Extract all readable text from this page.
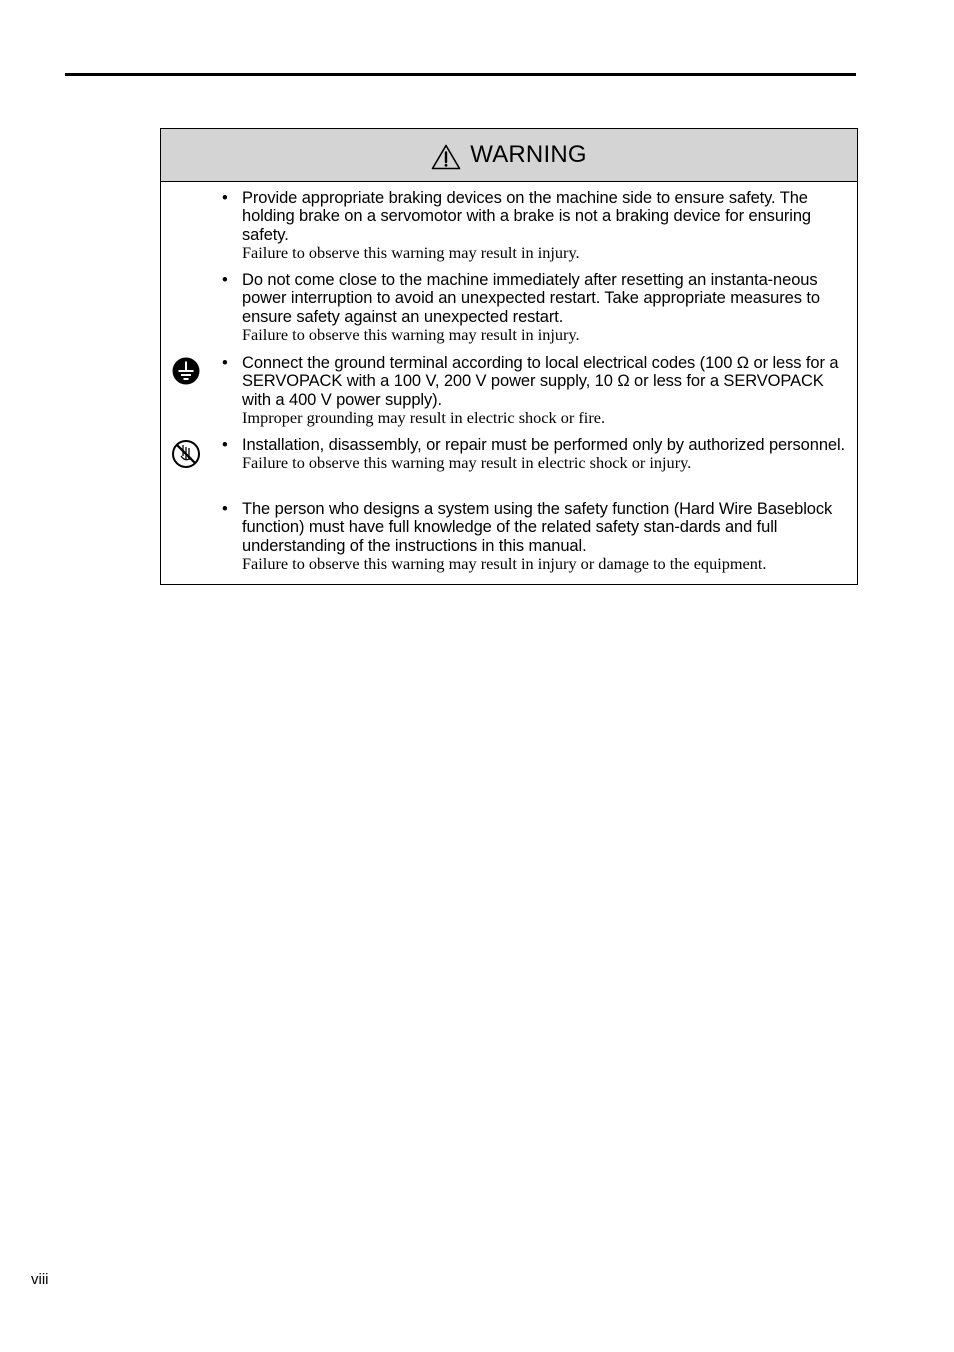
WARNING
• Provide appropriate braking devices on the machine side to ensure safety. The holding brake on a servomotor with a brake is not a braking device for ensuring safety.
Failure to observe this warning may result in injury.
• Do not come close to the machine immediately after resetting an instanta-neous power interruption to avoid an unexpected restart. Take appropriate measures to ensure safety against an unexpected restart.
Failure to observe this warning may result in injury.
• Connect the ground terminal according to local electrical codes (100 Ω or less for a SERVOPACK with a 100 V, 200 V power supply, 10 Ω or less for a SERVOPACK with a 400 V power supply).
Improper grounding may result in electric shock or fire.
• Installation, disassembly, or repair must be performed only by authorized personnel.
Failure to observe this warning may result in electric shock or injury.
• The person who designs a system using the safety function (Hard Wire Baseblock function) must have full knowledge of the related safety stan-dards and full understanding of the instructions in this manual.
Failure to observe this warning may result in injury or damage to the equipment.
viii
